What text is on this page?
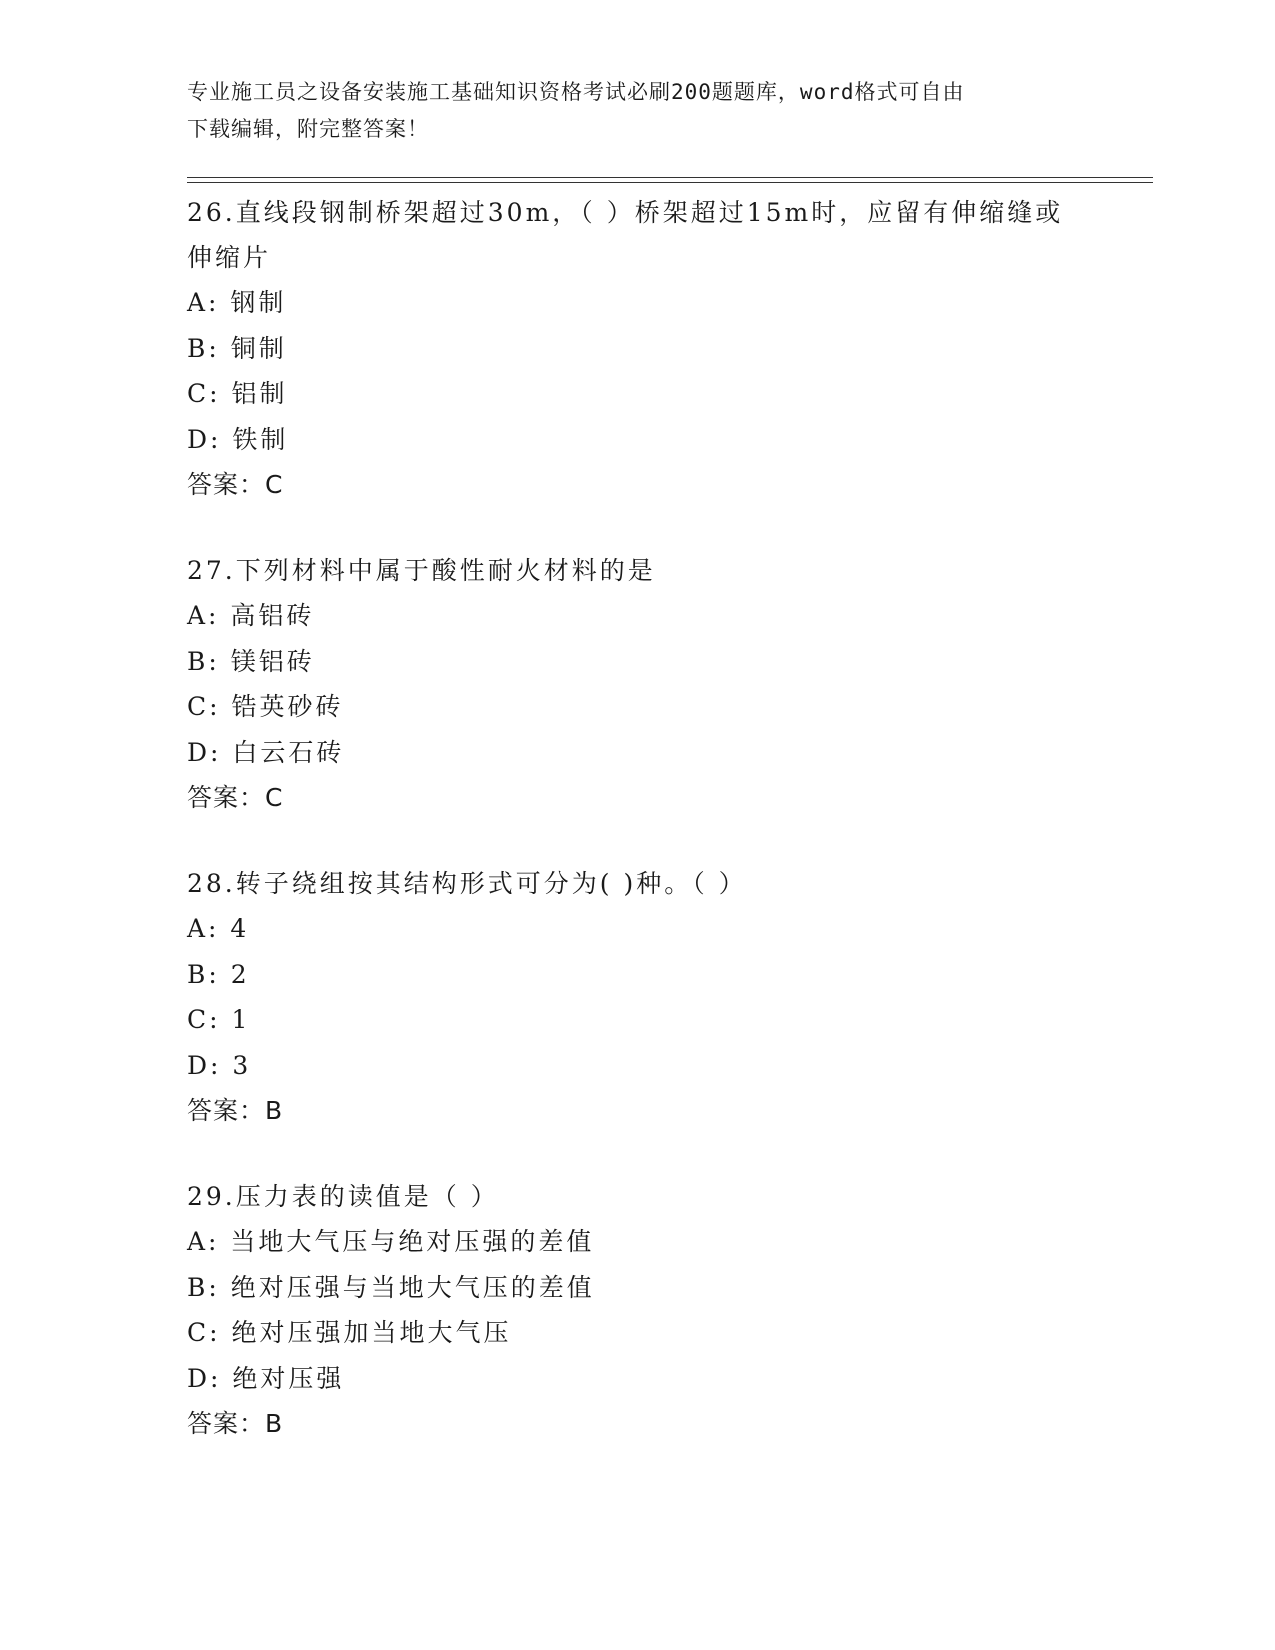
专业施工员之设备安装施工基础知识资格考试必刷200题题库，word格式可自由
下载编辑，附完整答案！
26.直线段钢制桥架超过30m，（ ）桥架超过15m时，应留有伸缩缝或伸缩片
A: 钢制
B: 铜制
C: 铝制
D: 铁制
答案：C
27.下列材料中属于酸性耐火材料的是
A: 高铝砖
B: 镁铝砖
C: 锆英砂砖
D: 白云石砖
答案：C
28.转子绕组按其结构形式可分为( )种。（ ）
A: 4
B: 2
C: 1
D: 3
答案：B
29.压力表的读值是（ ）
A: 当地大气压与绝对压强的差值
B: 绝对压强与当地大气压的差值
C: 绝对压强加当地大气压
D: 绝对压强
答案：B
